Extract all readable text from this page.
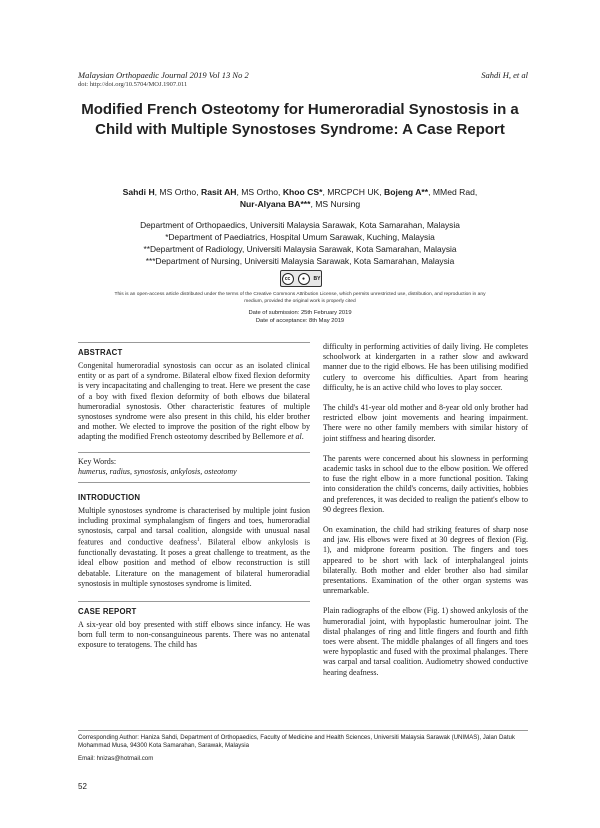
Malaysian Orthopaedic Journal 2019 Vol 13 No 2
doi: http://doi.org/10.5704/MOJ.1907.011
Sahdi H, et al
Modified French Osteotomy for Humeroradial Synostosis in a Child with Multiple Synostoses Syndrome: A Case Report
Sahdi H, MS Ortho, Rasit AH, MS Ortho, Khoo CS*, MRCPCH UK, Bojeng A**, MMed Rad,
Nur-Alyana BA***, MS Nursing
Department of Orthopaedics, Universiti Malaysia Sarawak, Kota Samarahan, Malaysia
*Department of Paediatrics, Hospital Umum Sarawak, Kuching, Malaysia
**Department of Radiology, Universiti Malaysia Sarawak, Kota Samarahan, Malaysia
***Department of Nursing, Universiti Malaysia Sarawak, Kota Samarahan, Malaysia
cc	●	BY
This is an open-access article distributed under the terms of the Creative Commons Attribution License, which permits unrestricted use, distribution, and reproduction in any medium, provided the original work is properly cited
Date of submission: 25th February 2019
Date of acceptance: 8th May 2019
ABSTRACT

Congenital humeroradial synostosis can occur as an isolated clinical entity or as part of a syndrome. Bilateral elbow fixed flexion deformity is very incapacitating and challenging to treat. Here we present the case of a boy with fixed flexion deformity of both elbows due bilateral humeroradial synostosis. Other characteristic features of multiple synostoses syndrome were also present in this child, his elder brother and mother. We elected to improve the position of the right elbow by adapting the modified French osteotomy described by Bellemore et al.

Key Words:
humerus, radius, synostosis, ankylosis, osteotomy
INTRODUCTION

Multiple synostoses syndrome is characterised by multiple joint fusion including proximal symphalangism of fingers and toes, humeroradial synostosis, carpal and tarsal coalition, alongside with unusual nasal features and conductive deafness$^1$. Bilateral elbow ankylosis is functionally devastating. It poses a great challenge to treatment, as the ideal elbow position and method of elbow reconstruction is still debatable. Literature on the management of bilateral humeroradial synostosis in multiple synostoses syndrome is limited.

CASE REPORT

A six-year old boy presented with stiff elbows since infancy. He was born full term to non-consanguineous parents. There was no antenatal exposure to teratogens. The child has

difficulty in performing activities of daily living. He completes schoolwork at kindergarten in a rather slow and awkward manner due to the rigid elbows. He has been utilising modified cutlery to overcome his difficulties. Apart from hearing difficulty, he is an active child who loves to play soccer.

The child's 41-year old mother and 8-year old only brother had restricted elbow joint movements and hearing impairment. There were no other family members with similar history of joint stiffness and hearing disorder.

The parents were concerned about his slowness in performing academic tasks in school due to the elbow position. We offered to fuse the right elbow in a more functional position. Taking into consideration the child's concerns, daily activities, hobbies and preferences, it was decided to realign the patient's elbow to 90 degrees flexion.

On examination, the child had striking features of sharp nose and jaw. His elbows were fixed at 30 degrees of flexion (Fig. 1), and midprone forearm position. The fingers and toes appeared to be short with lack of interphalangeal joints bilaterally. Both mother and elder brother also had similar presentations. Examination of the other organ systems was unremarkable.

Plain radiographs of the elbow (Fig. 1) showed ankylosis of the humeroradial joint, with hypoplastic humeroulnar joint. The distal phalanges of ring and little fingers and fourth and fifth toes were absent. The middle phalanges of all fingers and toes were hypoplastic and fused with the proximal phalanges. There was carpal and tarsal coalition. Audiometry showed conductive hearing deafness.

Corresponding Author: Haniza Sahdi, Department of Orthopaedics, Faculty of Medicine and Health Sciences, Universiti Malaysia Sarawak (UNIMAS), Jalan Datuk Mohammad Musa, 94300 Kota Samarahan, Sarawak, Malaysia
Email: hnizas@hotmail.com
52
